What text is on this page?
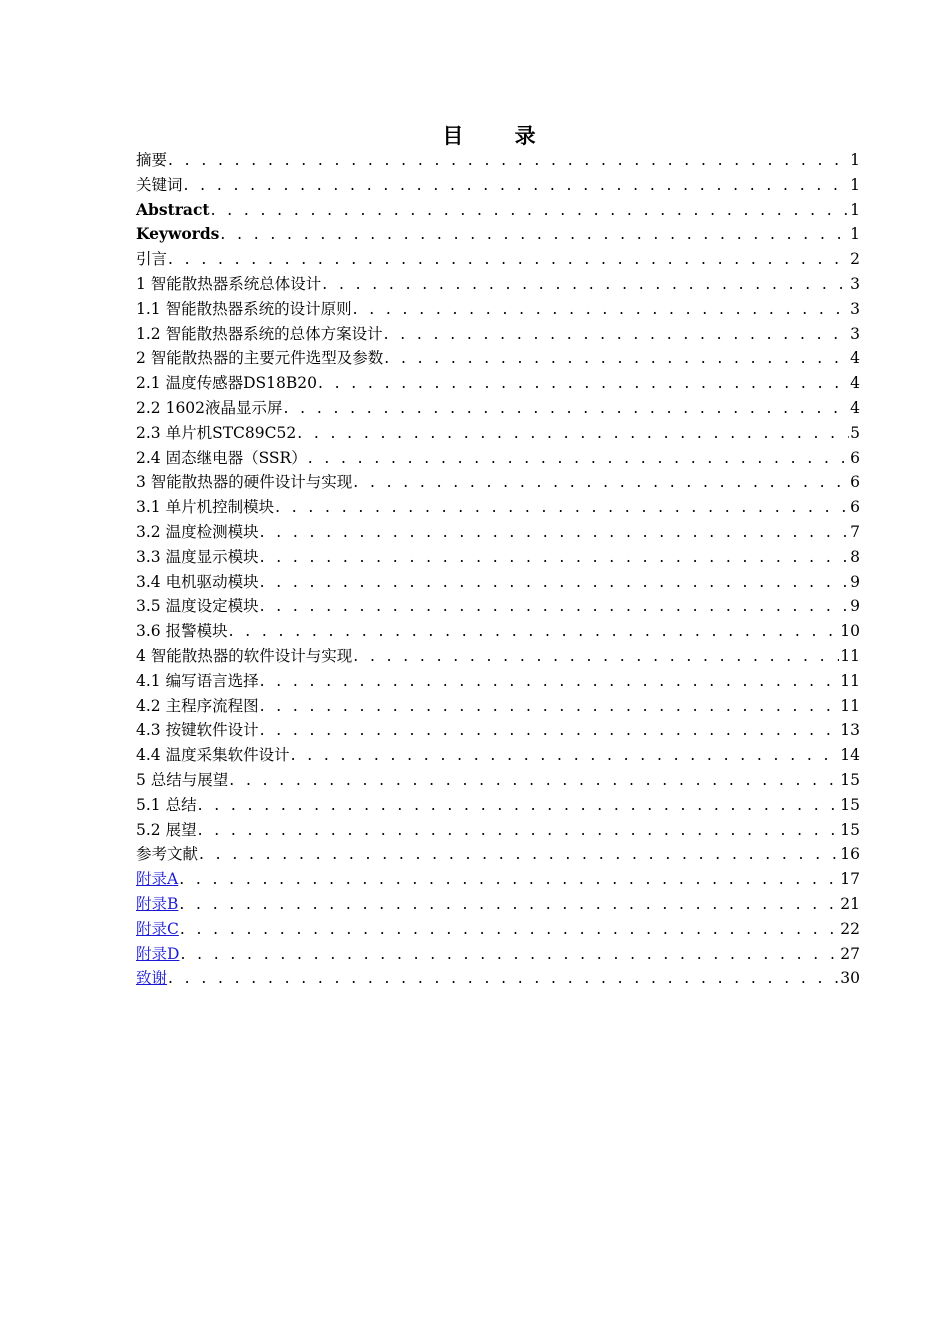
目 录
摘要 . . .	1
关键词 . . .	1
Abstract . . .	1
Keywords . . .	1
引言 . . .	2
1 智能散热器系统总体设计 . . .	3
1.1 智能散热器系统的设计原则 . . .	3
1.2 智能散热器系统的总体方案设计 . . .	3
2 智能散热器的主要元件选型及参数 . . .	4
2.1 温度传感器DS18B20 . . .	4
2.2 1602液晶显示屏 . . .	4
2.3 单片机STC89C52 . . .	5
2.4 固态继电器（SSR） . . .	6
3 智能散热器的硬件设计与实现 . . .	6
3.1 单片机控制模块 . . .	6
3.2 温度检测模块 . . .	7
3.3 温度显示模块 . . .	8
3.4 电机驱动模块 . . .	9
3.5 温度设定模块 . . .	9
3.6 报警模块 . . .	10
4 智能散热器的软件设计与实现 . . .	11
4.1 编写语言选择 . . .	11
4.2 主程序流程图 . . .	11
4.3 按键软件设计 . . .	13
4.4 温度采集软件设计 . . .	14
5 总结与展望 . . .	15
5.1 总结 . . .	15
5.2 展望 . . .	15
参考文献 . . .	16
附录A . . .	17
附录B . . .	21
附录C . . .	22
附录D . . .	27
致谢 . . .	30
